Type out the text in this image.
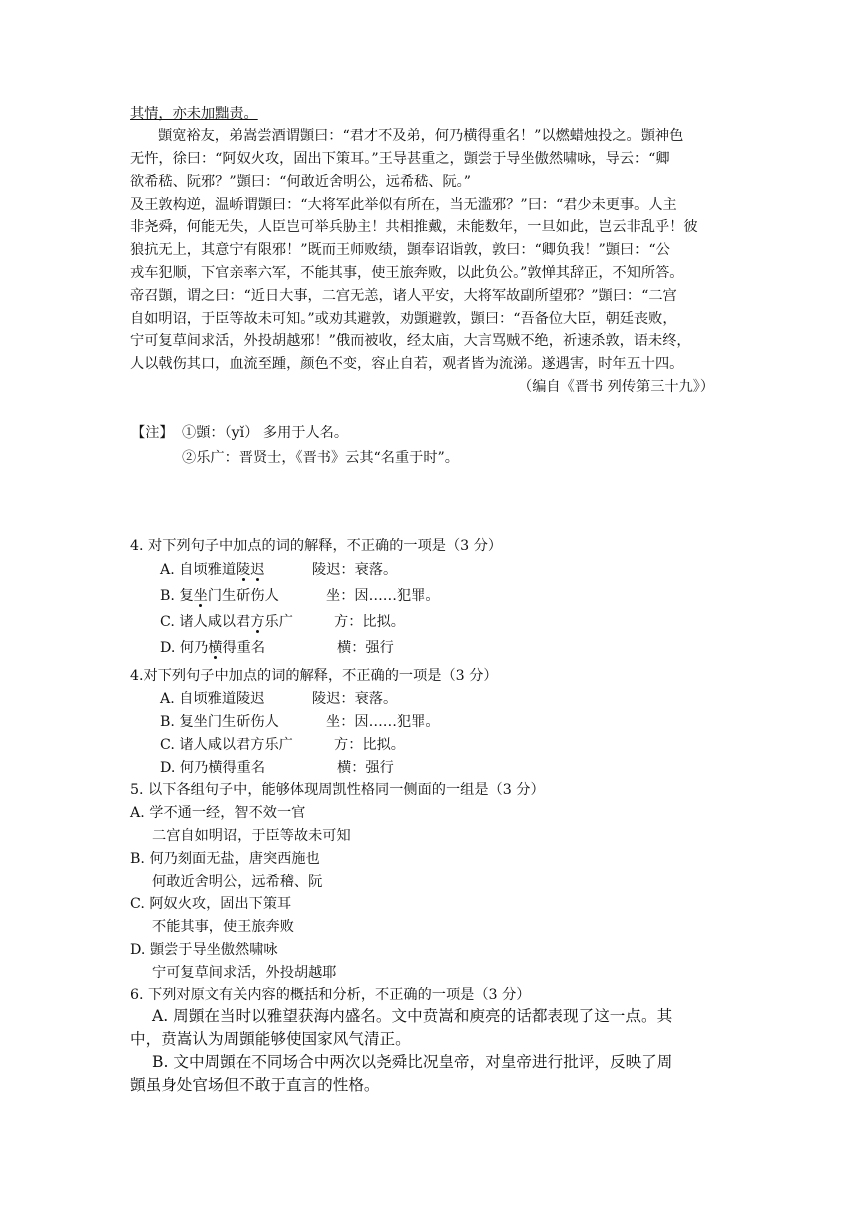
其情，亦未加黜责。
顗宽裕友，弟嵩尝酒谓顗曰：“君才不及弟，何乃横得重名！”以燃蜡烛投之。顗神色
无忤，徐曰：“阿奴火攻，固出下策耳。”王导甚重之，顗尝于导坐傲然啸咏，导云：“卿
欲希嵇、阮邪？”顗曰：“何敢近舍明公，远希嵇、阮。”
及王敦构逆，温峤谓顗曰：“大将军此举似有所在，当无滥邪？”曰：“君少未更事。人主
非尧舜，何能无失，人臣岂可举兵胁主！共相推戴，未能数年，一旦如此，岂云非乱乎！彼
狼抗无上，其意宁有限邪！”既而王师败绩，顗奉诏诣敦，敦曰：“卿负我！”顗曰：“公
戎车犯顺，下官亲率六军，不能其事，使王旅奔败，以此负公。”敦惮其辞正，不知所答。
帝召顗，谓之曰：“近日大事，二宫无恙，诸人平安，大将军故副所望邪？”顗曰：“二宫
自如明诏，于臣等故未可知。”或劝其避敦，劝顗避敦，顗曰：“吾备位大臣，朝廷丧败，
宁可复草间求活，外投胡越邪！”俄而被收，经太庙，大言骂贼不绝，祈速杀敦，语未终，
人以戟伤其口，血流至踵，颜色不变，容止自若，观者皆为流涕。遂遇害，时年五十四。
（编自《晋书 列传第三十九》）
【注】 ①顗：（yǐ） 多用于人名。
②乐广：晋贤士，《晋书》云其“名重于时”。
4. 对下列句子中加点的词的解释，不正确的一项是（3 分）
A. 自顷雅道陵迟	陵迟：衰落。
B. 复坐门生斫伤人	坐：因……犯罪。
C. 诸人咸以君方乐广	方：比拟。
D. 何乃横得重名	横：强行
4.对下列句子中加点的词的解释，不正确的一项是（3 分）
A. 自顷雅道陵迟	陵迟：衰落。
B. 复坐门生斫伤人	坐：因……犯罪。
C. 诸人咸以君方乐广	方：比拟。
D. 何乃横得重名	横：强行
5. 以下各组句子中，能够体现周凯性格同一侧面的一组是（3 分）
A. 学不通一经，智不效一官
二宫自如明诏，于臣等故未可知
B. 何乃刻面无盐，唐突西施也
何敢近舍明公，远希稽、阮
C. 阿奴火攻，固出下策耳
不能其事，使王旅奔败
D. 顗尝于导坐傲然啸咏
宁可复草间求活，外投胡越耶
6. 下列对原文有关内容的概括和分析，不正确的一项是（3 分）
A. 周顗在当时以雅望获海内盛名。文中贲嵩和庾亮的话都表现了这一点。其
中，贲嵩认为周顗能够使国家风气清正。
B. 文中周顗在不同场合中两次以尧舜比况皇帝，对皇帝进行批评，反映了周
顗虽身处官场但不敢于直言的性格。
